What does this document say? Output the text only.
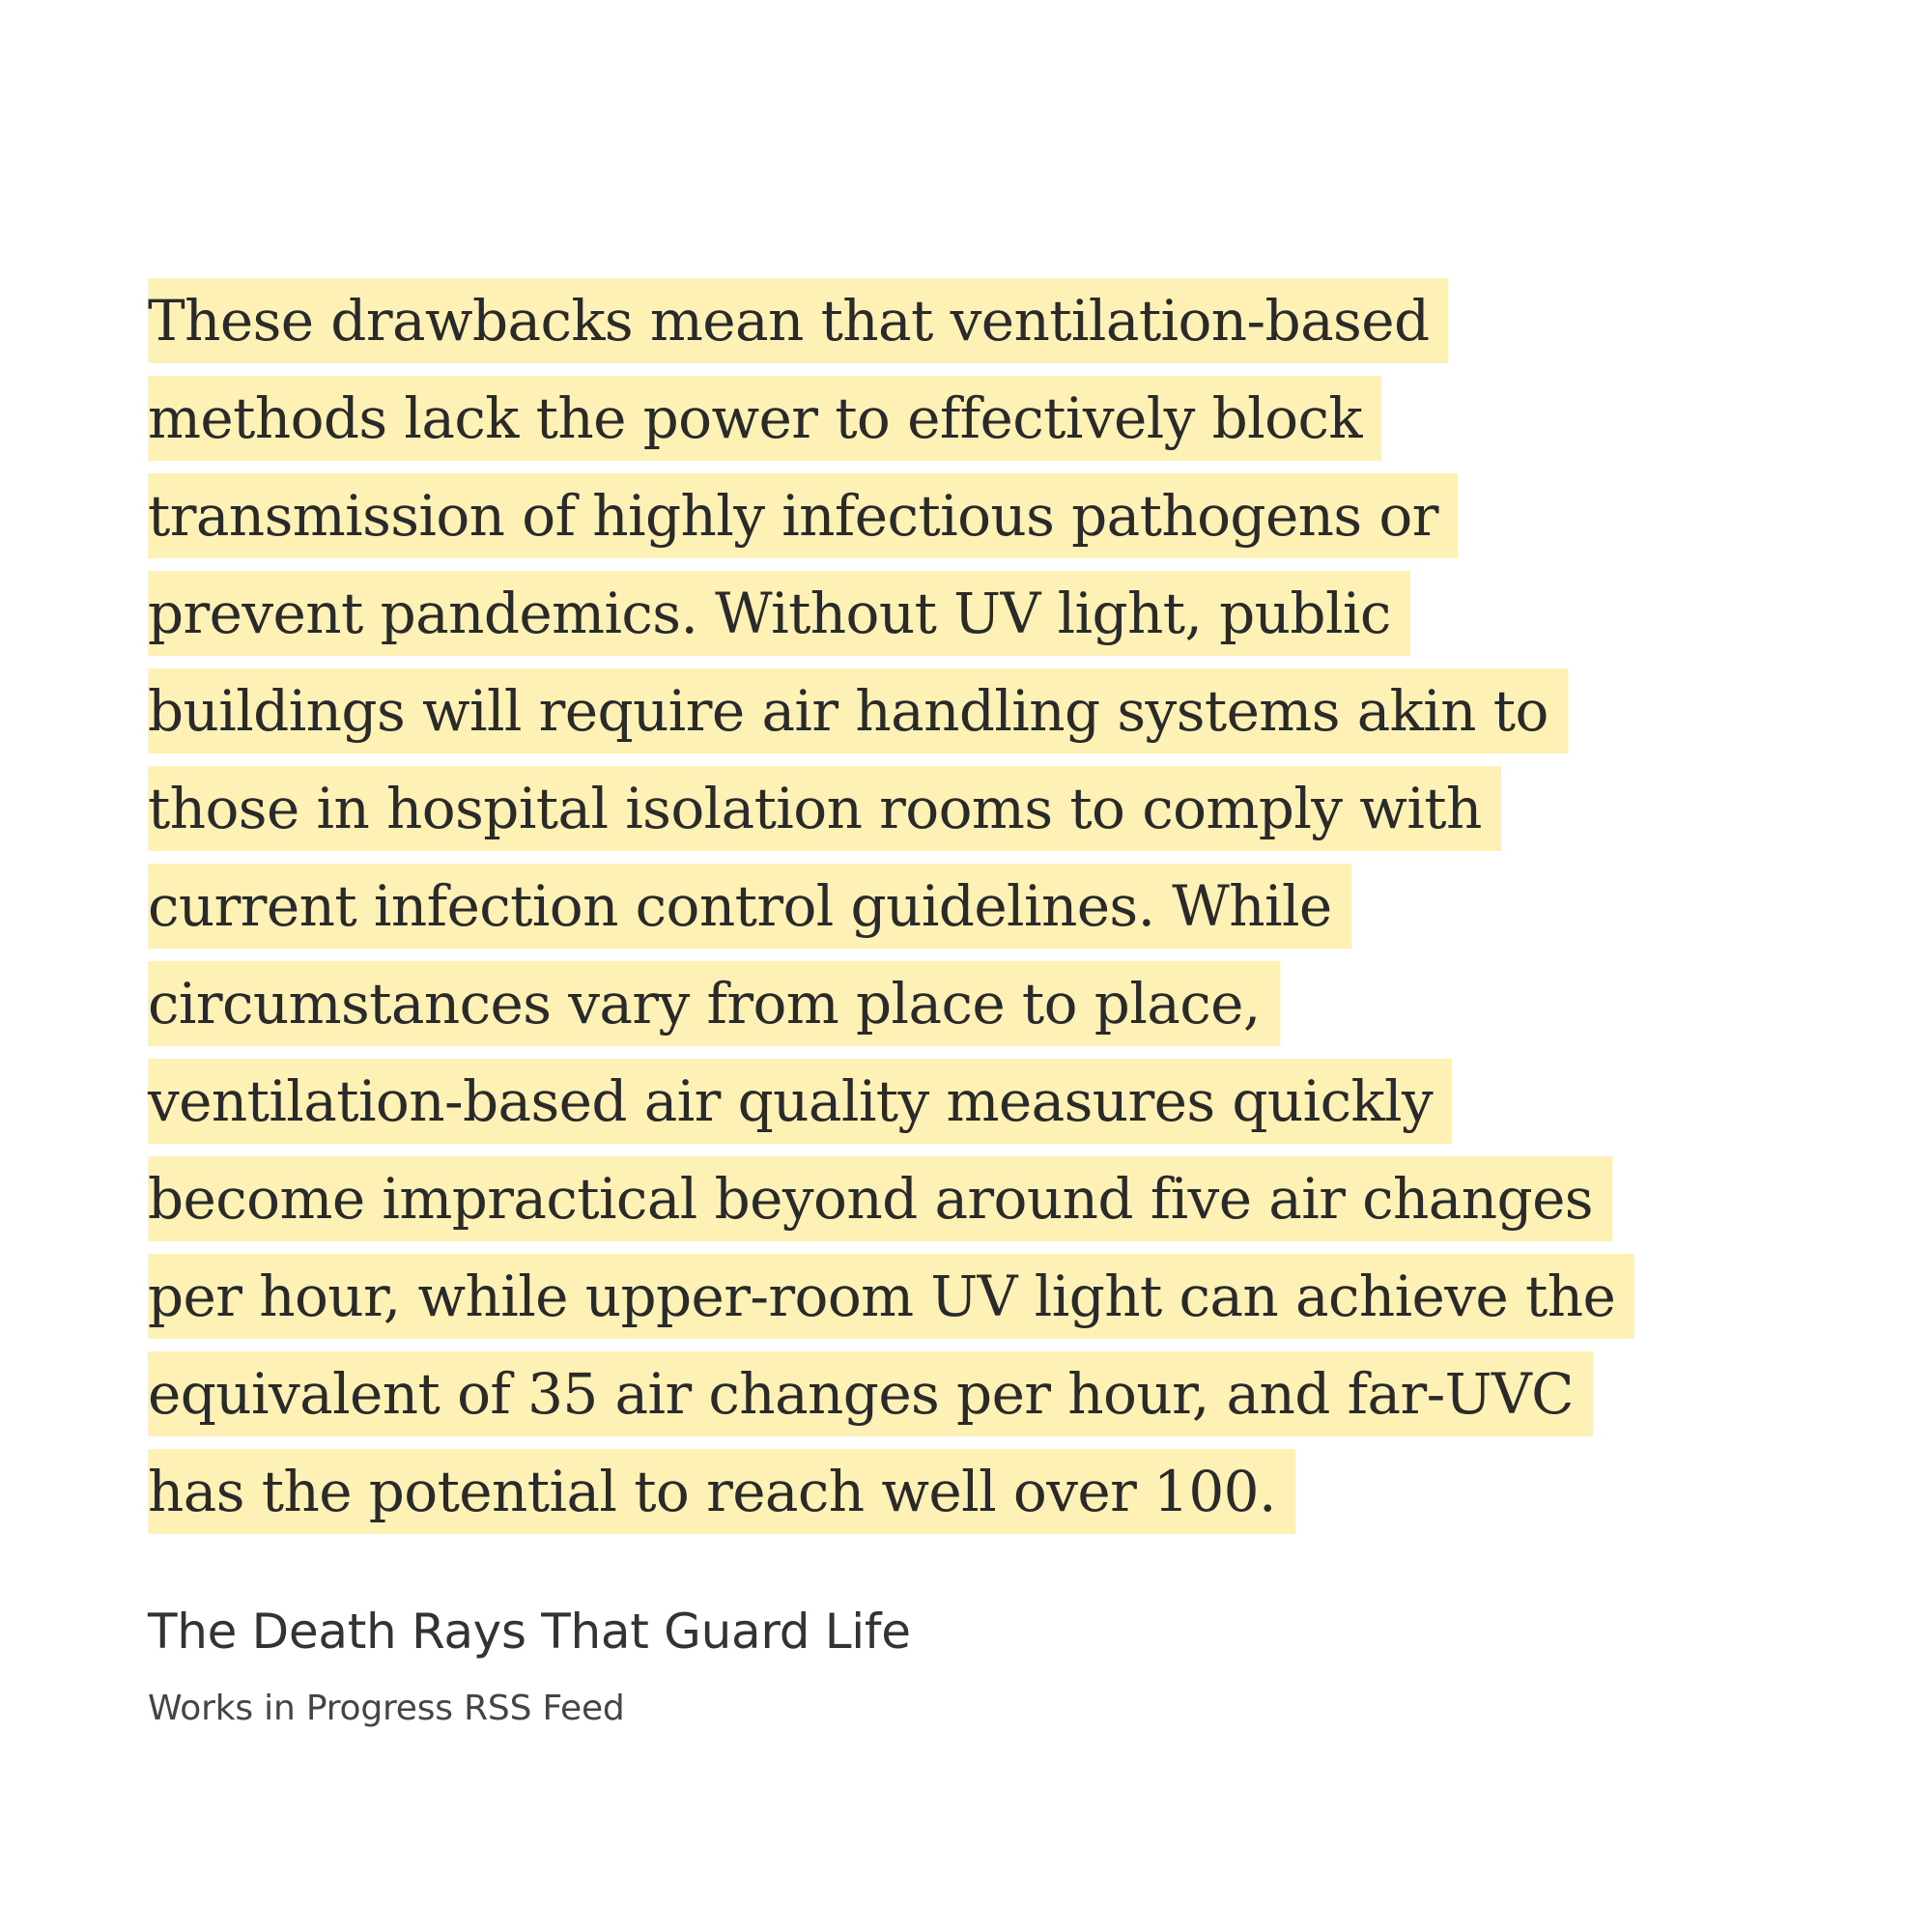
These drawbacks mean that ventilation-based
methods lack the power to effectively block
transmission of highly infectious pathogens or
prevent pandemics. Without UV light, public
buildings will require air handling systems akin to
those in hospital isolation rooms to comply with
current infection control guidelines. While
circumstances vary from place to place,
ventilation-based air quality measures quickly
become impractical beyond around five air changes
per hour, while upper-room UV light can achieve the
equivalent of 35 air changes per hour, and far-UVC
has the potential to reach well over 100.
The Death Rays That Guard Life

Works in Progress RSS Feed
